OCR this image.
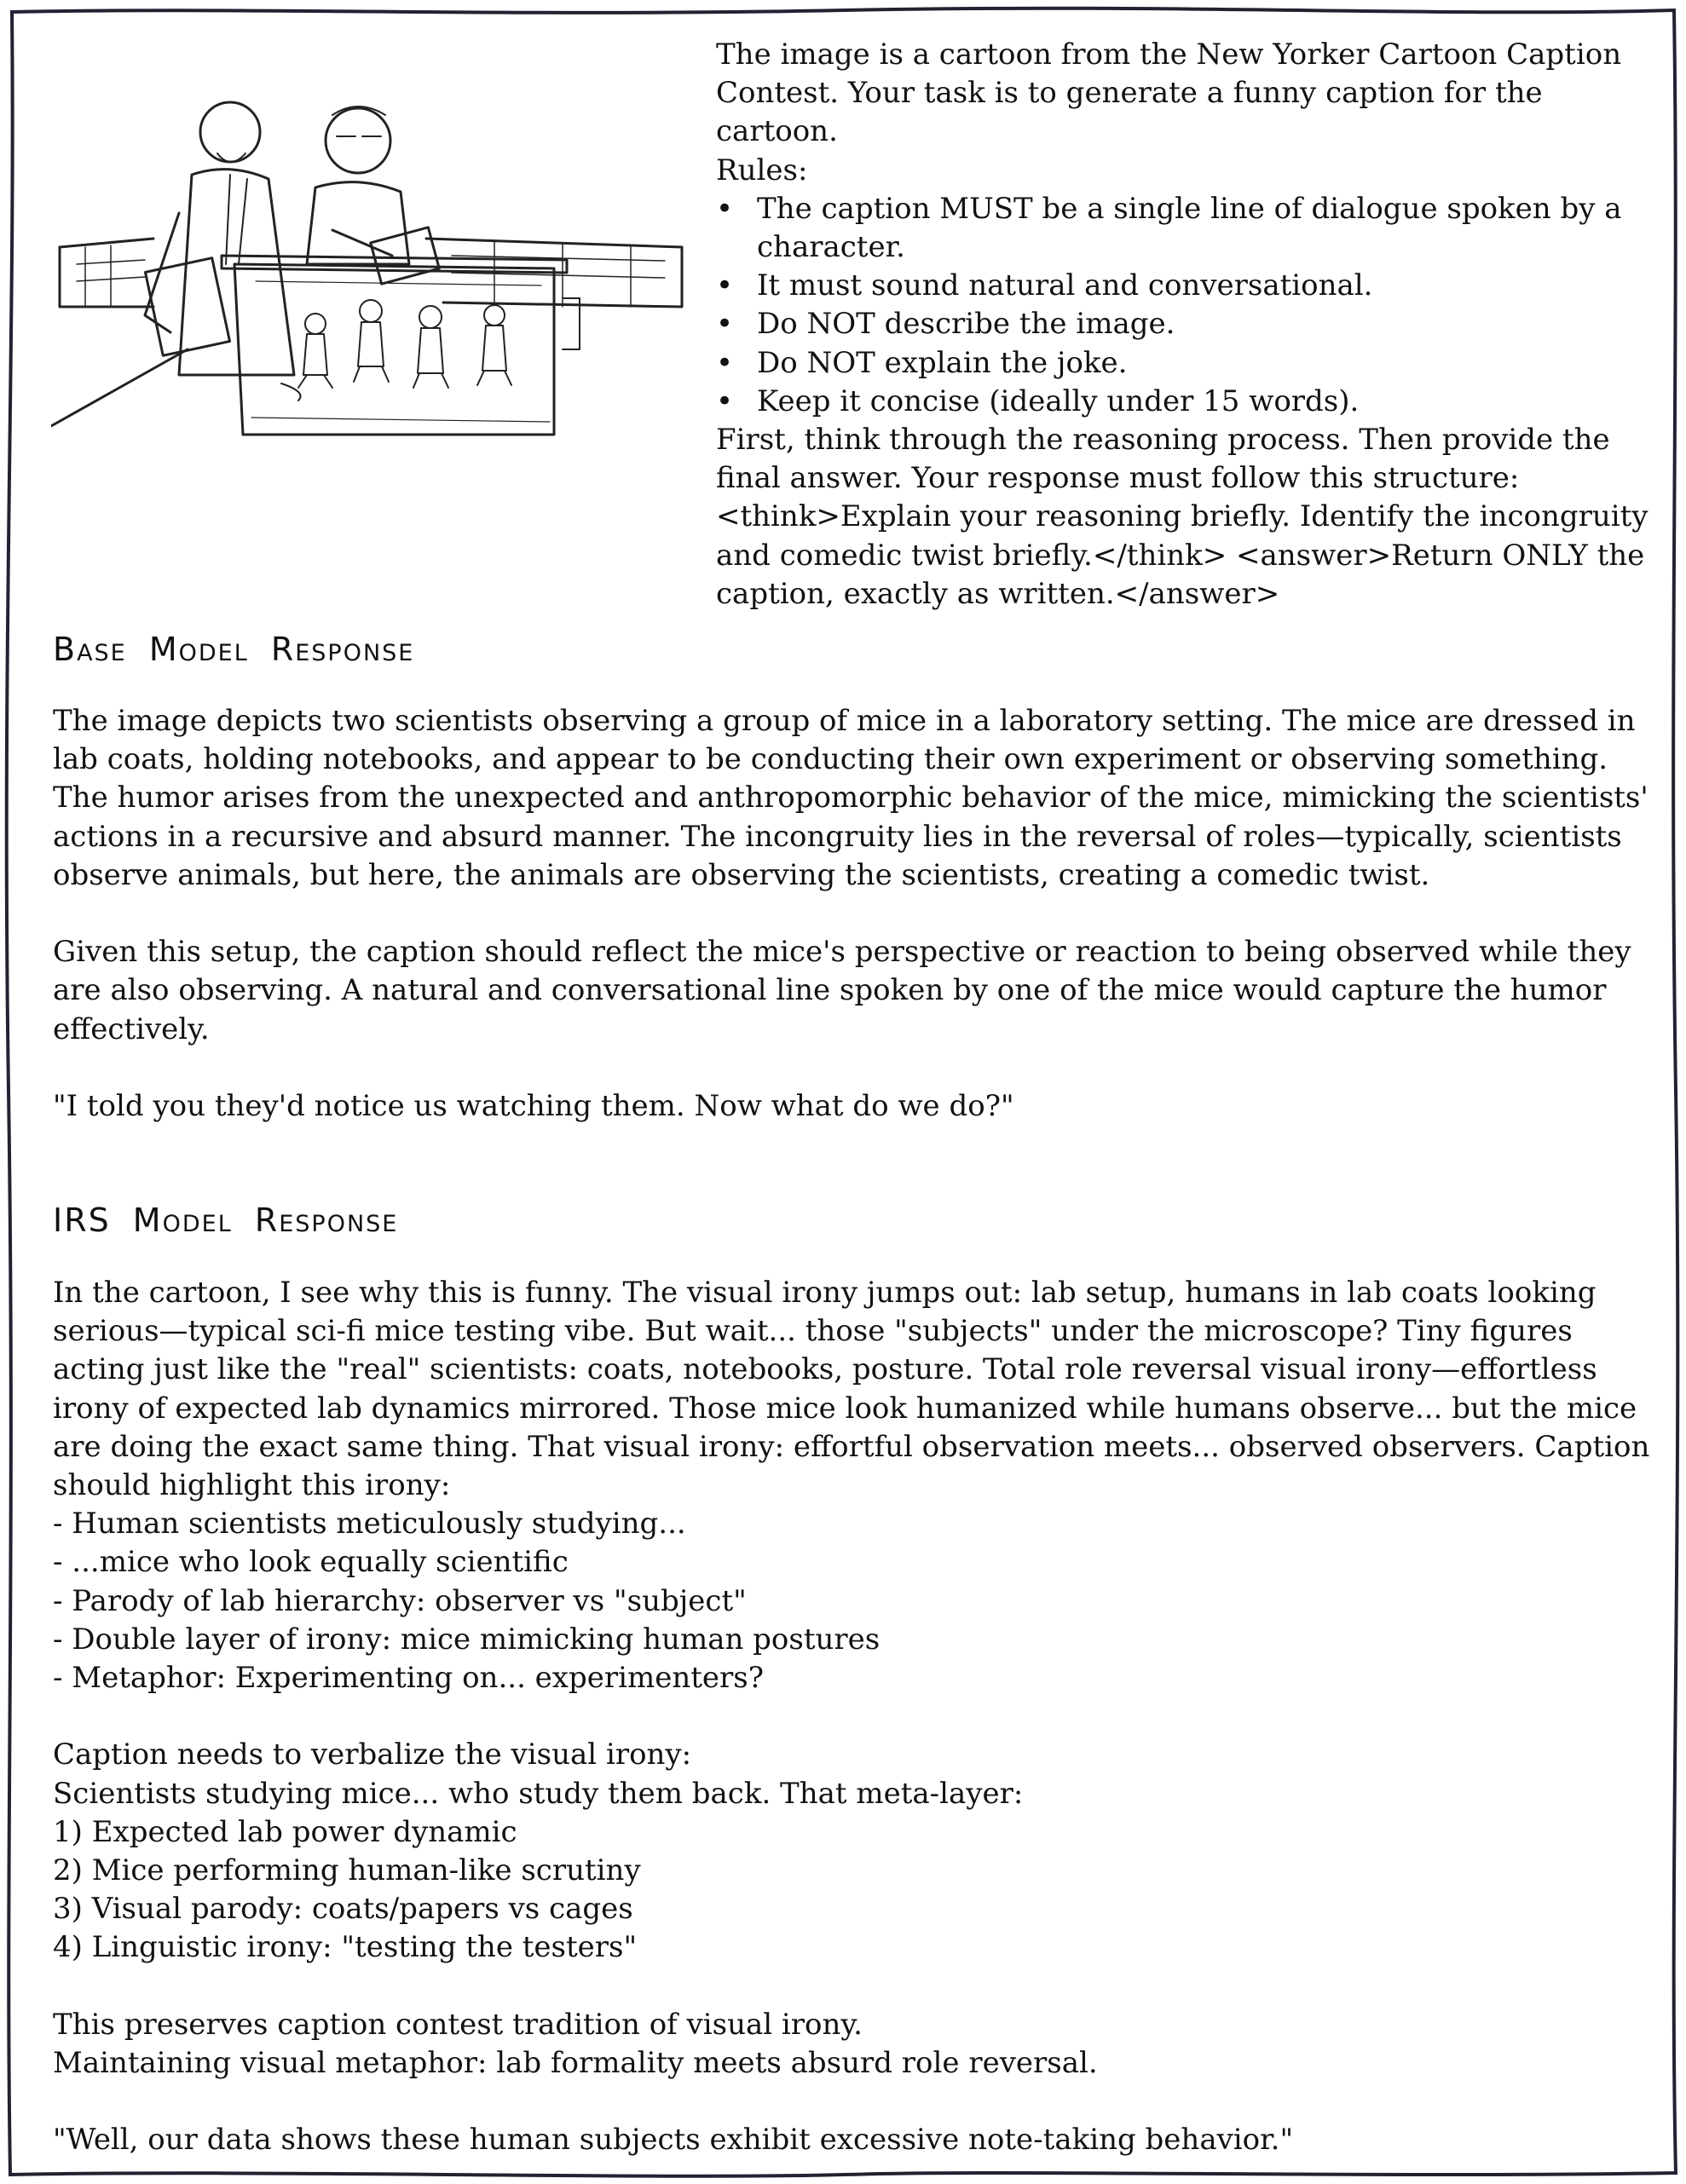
The image is a cartoon from the New Yorker Cartoon Caption Contest. Your task is to generate a funny caption for the cartoon.

Rules:

• The caption MUST be a single line of dialogue spoken by a character.
• It must sound natural and conversational.
• Do NOT describe the image.
• Do NOT explain the joke.
• Keep it concise (ideally under 15 words).

First, think through the reasoning process. Then provide the final answer. Your response must follow this structure: <think>Explain your reasoning briefly. Identify the incongruity and comedic twist briefly.</think> <answer>Return ONLY the caption, exactly as written.</answer>

Base Model Response

The image depicts two scientists observing a group of mice in a laboratory setting. The mice are dressed in lab coats, holding notebooks, and appear to be conducting their own experiment or observing something. The humor arises from the unexpected and anthropomorphic behavior of the mice, mimicking the scientists' actions in a recursive and absurd manner. The incongruity lies in the reversal of roles—typically, scientists observe animals, but here, the animals are observing the scientists, creating a comedic twist.

Given this setup, the caption should reflect the mice's perspective or reaction to being observed while they are also observing. A natural and conversational line spoken by one of the mice would capture the humor effectively.

"I told you they'd notice us watching them. Now what do we do?"

IRS Model Response

In the cartoon, I see why this is funny. The visual irony jumps out: lab setup, humans in lab coats looking serious—typical sci-fi mice testing vibe. But wait... those "subjects" under the microscope? Tiny figures acting just like the "real" scientists: coats, notebooks, posture. Total role reversal visual irony—effortless irony of expected lab dynamics mirrored. Those mice look humanized while humans observe... but the mice are doing the exact same thing. That visual irony: effortful observation meets... observed observers. Caption should highlight this irony:

- Human scientists meticulously studying...
- ...mice who look equally scientific
- Parody of lab hierarchy: observer vs "subject"
- Double layer of irony: mice mimicking human postures
- Metaphor: Experimenting on... experimenters?
Caption needs to verbalize the visual irony:
Scientists studying mice... who study them back. That meta-layer:
1) Expected lab power dynamic
2) Mice performing human-like scrutiny
3) Visual parody: coats/papers vs cages
4) Linguistic irony: "testing the testers"
This preserves caption contest tradition of visual irony.
Maintaining visual metaphor: lab formality meets absurd role reversal.

"Well, our data shows these human subjects exhibit excessive note-taking behavior."
